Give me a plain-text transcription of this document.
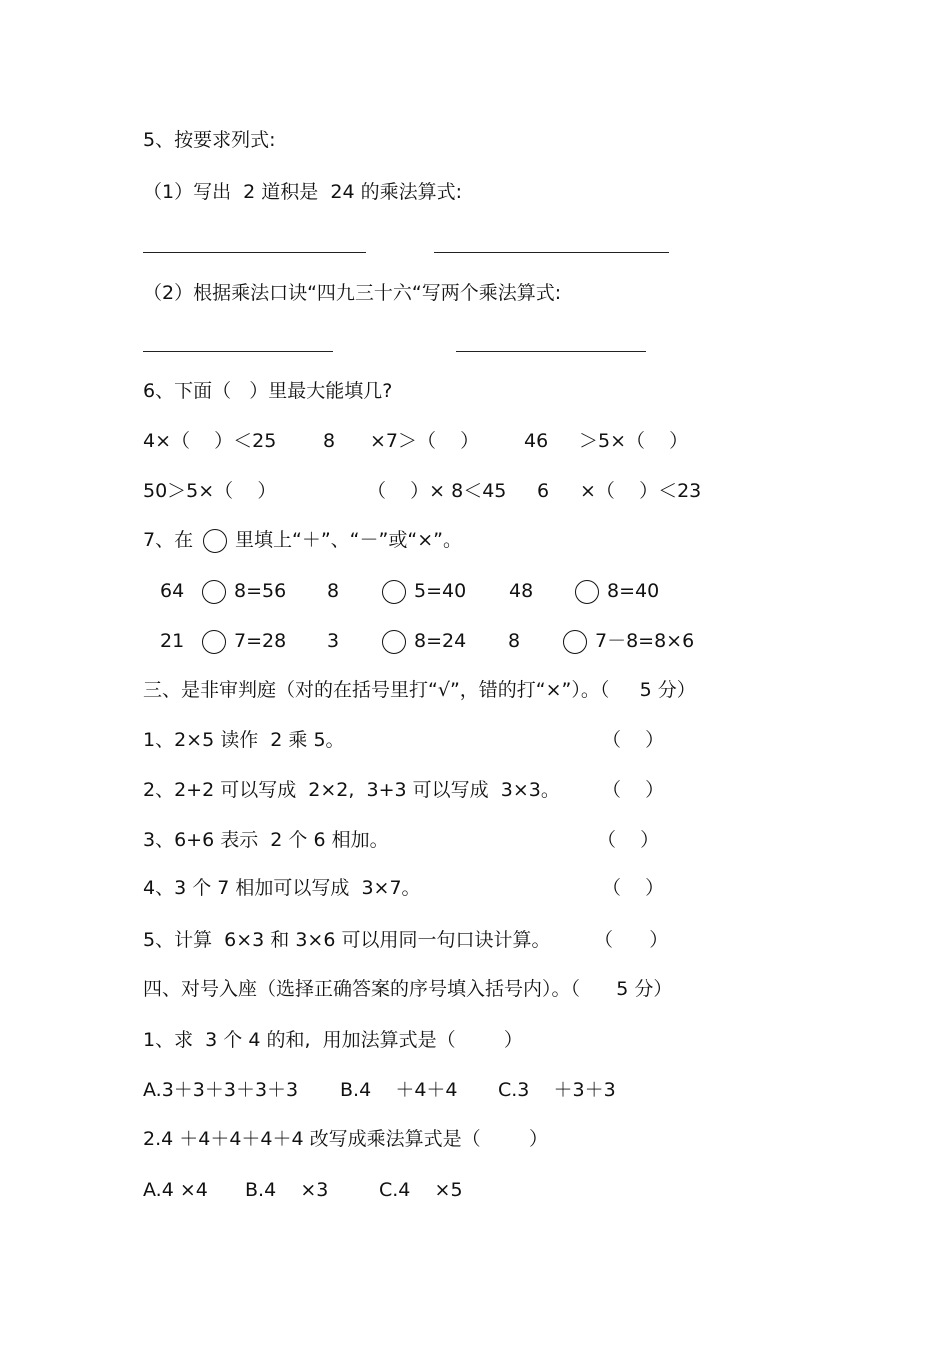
5、按要求列式:
（1）写出  2 道积是  24 的乘法算式:
（2）根据乘法口诀“四九三十六“写两个乘法算式:
6、下面（   ）里最大能填几?
4×（    ）＜25 8 ×7＞（    ） 46 ＞5×（    ）
50＞5×（    ）	（    ）× 8＜45 6 ×（    ）＜23
7、在 里填上“＋”、“－”或“×”。
64	8=56 8	5=40 48	8=40
21	7=28 3	8=24 8	7－8=8×6
三、是非审判庭（对的在括号里打“√”，错的打“×”）。（     5 分）
1、2×5 读作  2 乘 5。	（    ）
2、2+2 可以写成  2×2,  3+3 可以写成  3×3。 （    ）
3、6+6 表示  2 个 6 相加。	（    ）
4、3 个 7 相加可以写成  3×7。	（    ）
5、计算  6×3 和 3×6 可以用同一句口诀计算。 （      ）
四、对号入座（选择正确答案的序号填入括号内）。（      5 分）
1、求  3 个 4 的和,  用加法算式是（        ）
A.3＋3＋3＋3＋3 B.4    ＋4＋4 C.3    ＋3＋3
2.4 ＋4＋4＋4＋4 改写成乘法算式是（        ）
A.4 ×4 B.4    ×3	C.4    ×5
